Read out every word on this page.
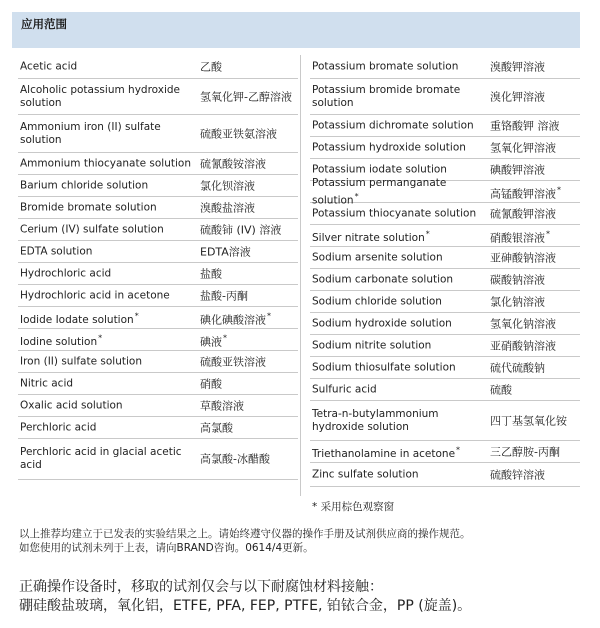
应用范围
Acetic acid	乙酸
Alcoholic potassium hydroxide solution	氢氧化钾-乙醇溶液
Ammonium iron (II) sulfate solution	硫酸亚铁氨溶液
Ammonium thiocyanate solution 硫氰酸铵溶液
Barium chloride solution	氯化钡溶液
Bromide bromate solution	溴酸盐溶液
Cerium (IV) sulfate solution	硫酸铈 (IV) 溶液
EDTA solution	EDTA溶液
Hydrochloric acid	盐酸
Hydrochloric acid in acetone	盐酸-丙酮
Iodide Iodate solution*	碘化碘酸溶液*
Iodine solution*	碘液*
Iron (II) sulfate solution	硫酸亚铁溶液
Nitric acid	硝酸
Oxalic acid solution	草酸溶液
Perchloric acid	高氯酸
Perchloric acid in glacial acetic acid	高氯酸-冰醋酸
Potassium bromate solution	溴酸钾溶液
Potassium bromide bromate solution	溴化钾溶液
Potassium dichromate solution	重铬酸钾 溶液
Potassium hydroxide solution	氢氧化钾溶液
Potassium iodate solution	碘酸钾溶液
Potassium permanganate solution*	高锰酸钾溶液*
Potassium thiocyanate solution	硫氰酸钾溶液
Silver nitrate solution*	硝酸银溶液*
Sodium arsenite solution	亚砷酸钠溶液
Sodium carbonate solution	碳酸钠溶液
Sodium chloride solution	氯化钠溶液
Sodium hydroxide solution	氢氧化钠溶液
Sodium nitrite solution	亚硝酸钠溶液
Sodium thiosulfate solution	硫代硫酸钠
Sulfuric acid	硫酸
Tetra-n-butylammonium hydroxide solution	四丁基氢氧化铵
Triethanolamine in acetone*	三乙醇胺-丙酮
Zinc sulfate solution	硫酸锌溶液
* 采用棕色观察窗
以上推荐均建立于已发表的实验结果之上。请始终遵守仪器的操作手册及试剂供应商的操作规范。
如您使用的试剂未列于上表，请向BRAND咨询。0614/4更新。
正确操作设备时，移取的试剂仅会与以下耐腐蚀材料接触：
硼硅酸盐玻璃，氧化铝，ETFE, PFA, FEP, PTFE, 铂铱合金，PP (旋盖)。
